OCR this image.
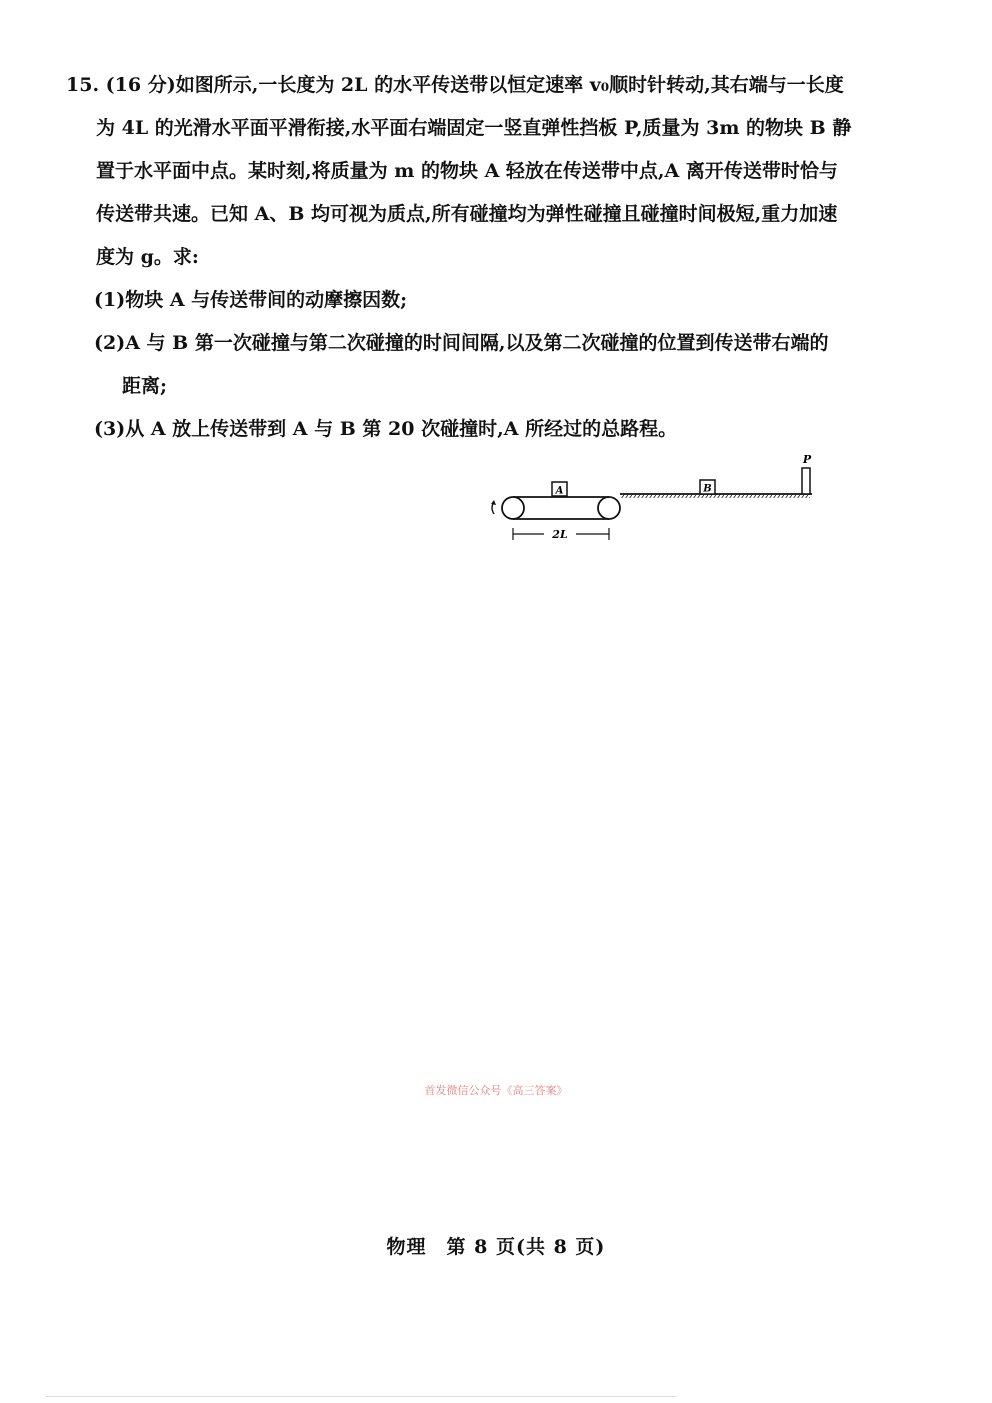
15. (16 分)如图所示,一长度为 2L 的水平传送带以恒定速率 v₀顺时针转动,其右端与一长度
为 4L 的光滑水平面平滑衔接,水平面右端固定一竖直弹性挡板 P,质量为 3m 的物块 B 静
置于水平面中点。某时刻,将质量为 m 的物块 A 轻放在传送带中点,A 离开传送带时恰与
传送带共速。已知 A、B 均可视为质点,所有碰撞均为弹性碰撞且碰撞时间极短,重力加速
度为 g。求:
(1)物块 A 与传送带间的动摩擦因数;
(2)A 与 B 第一次碰撞与第二次碰撞的时间间隔,以及第二次碰撞的位置到传送带右端的
距离;
(3)从 A 放上传送带到 A 与 B 第 20 次碰撞时,A 所经过的总路程。
A	B
P
2L
首发微信公众号《高三答案》
物理　第 8 页(共 8 页)
